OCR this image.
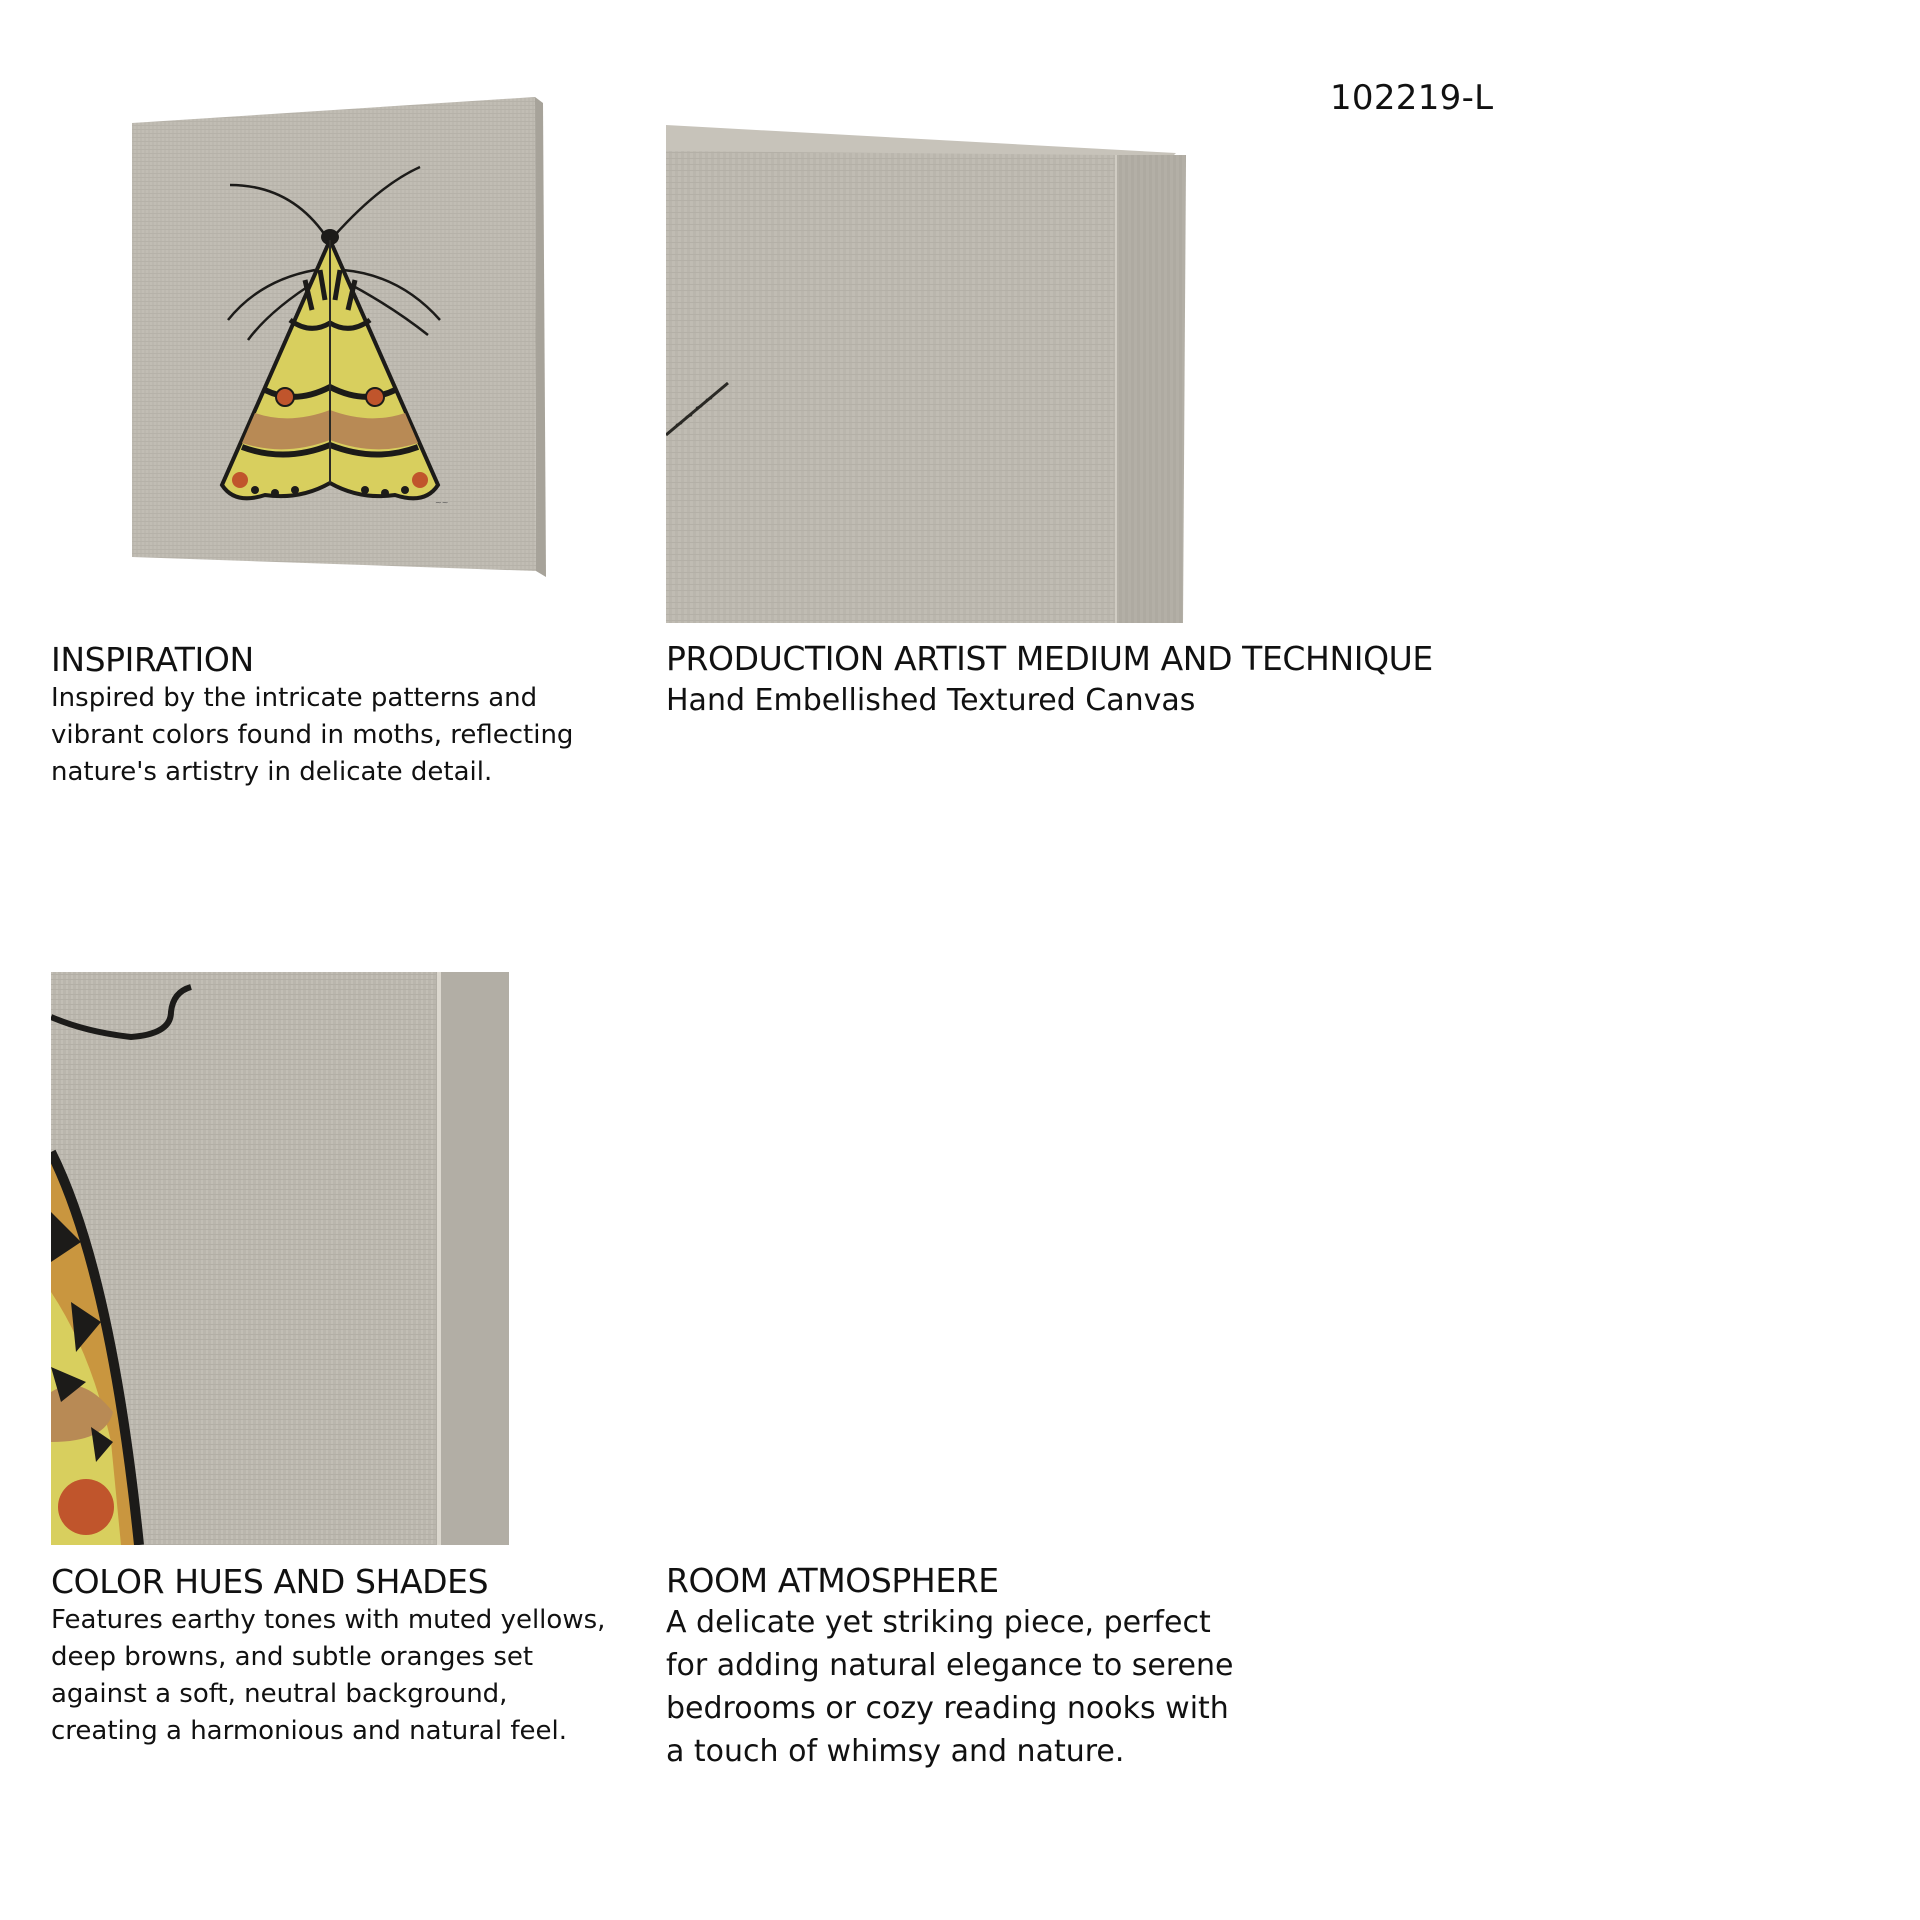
102219-L
~~
INSPIRATION

Inspired by the intricate patterns and vibrant colors found in moths, reflecting nature's artistry in delicate detail.

PRODUCTION ARTIST MEDIUM AND TECHNIQUE

Hand Embellished Textured Canvas

COLOR HUES AND SHADES

Features earthy tones with muted yellows, deep browns, and subtle oranges set against a soft, neutral background, creating a harmonious and natural feel.

ROOM ATMOSPHERE

A delicate yet striking piece, perfect for adding natural elegance to serene bedrooms or cozy reading nooks with a touch of whimsy and nature.
